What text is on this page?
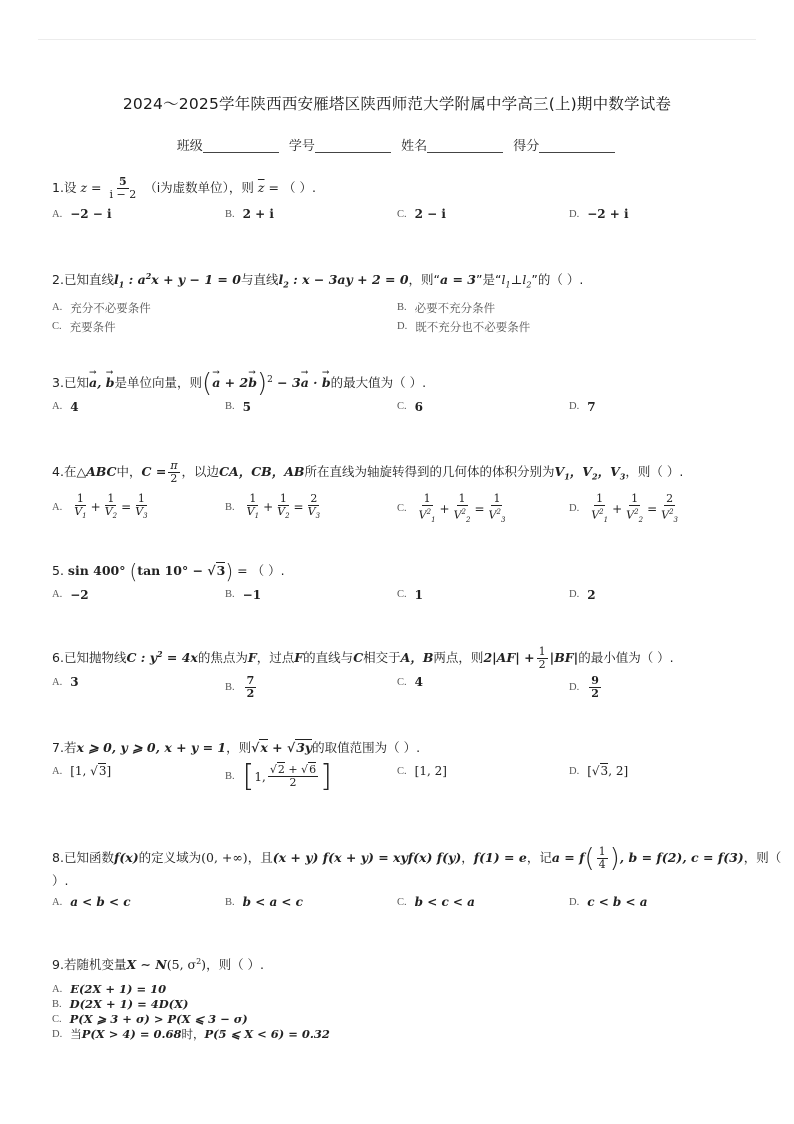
2024～2025学年陕西西安雁塔区陕西师范大学附属中学高三(上)期中数学试卷
班级	学号	姓名	得分
1.设 $z = \frac{5}{i - 2} (i$为虚数单位），则 $\overline{z}$ = （ ）.
A. −2 − i	B. 2 + i	C. 2 − i	D. −2 + i
2.已知直线$l_1$ : $a^2x + y - 1 = 0$与直线$l_2$ : x − 3ay + 2 = 0，则“a = 3”是“$l_1\perp l_2$”的（ ）.
A. 充分不必要条件	B. 必要不充分条件
C. 充要条件	D. 既不充分也不必要条件
3.已知→ a, → b是单位向量，则(→ a + 2→ b)$^2$ − 3→ a · → b的最大值为（ ）.
A. 4	B. 5	C. 6	D. 7
4.在△ABC中，$C = \frac{\pi}{2}$ ，以边CA，CB，AB所在直线为轴旋转得到的几何体的体积分别为$V_1$，$V_2$，$V_3$，则（ ）.
A. $\frac{1}{V_1} + \frac{1}{V_2} = \frac{1}{V_3}$	B. $\frac{1}{V_1} + \frac{1}{V_2} = \frac{2}{V_3}$	C. $\frac{1}{V^2_1} + \frac{1}{V^2_2} = \frac{1}{V^2_3}$	D. $\frac{1}{V^2_1} + \frac{1}{V^2_2} = \frac{2}{V^2_3}$
5. sin 400° (tan 10° − √3) = （ ）.
A. −2	B. −1	C. 1	D. 2
6.已知抛物线C : $y^2 = 4x$的焦点为F，过点F的直线与C相交于A，B两点，则$2|AF| + \frac{1}{2} |BF|$的最小值为（ ）.
A. 3	B. $\frac{7}{2}$	C. 4	D. $\frac{9}{2}$
7.若x ⩾ 0, y ⩾ 0, x + y = 1，则√x + √3y的取值范围为（ ）.
A. [1, √3]	B. [ 1, $\frac{√2 + √6}{2}$ ]	C. [1, 2]	D. [√3, 2]
8.已知函数f(x)的定义域为(0, +∞)，且(x + y) f(x + y) = xyf(x) f(y)，f(1) = e，记$a = f( \frac{1}{4}$ ), b = f(2), c = f(3)，则（
）.
A. a < b < c	B. b < a < c	C. b < c < a	D. c < b < a
9.若随机变量X ∼ N(5, $\sigma^2$)，则（ ）.
A. E(2X + 1) = 10
B. D(2X + 1) = 4D(X)
C. P(X ⩾ 3 + σ) > P(X ⩽ 3 − σ)
D. 当 P(X > 4) = 0.68 时， P(5 ⩽ X < 6) = 0.32
